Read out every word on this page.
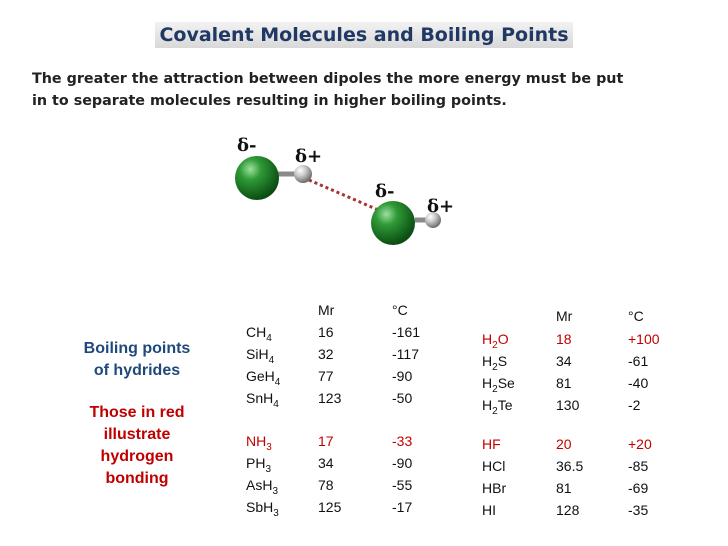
Covalent Molecules and Boiling Points
The greater the attraction between dipoles the more energy must be put
in to separate molecules resulting in higher boiling points.
δ-
δ+
δ-
δ+
Boiling points
of hydrides
Those in red
illustrate
hydrogen
bonding
Mr	°C
$CH_4$	16	-161
SiH$_4$	32	-117
GeH$_4$	77	-90
SnH$_4$	123	-50
$NH_3$	17	-33
$PH_3$	34	-90
AsH$_3$	78	-55
SbH$_3$	125	-17
Mr	°C
$H_2O$	18	+100
$H_2S$	34	-61
$H_2Se$	81	-40
$H_2Te$	130	-2
HF	20	+20
HCl	36.5	-85
HBr	81	-69
HI	128	-35
